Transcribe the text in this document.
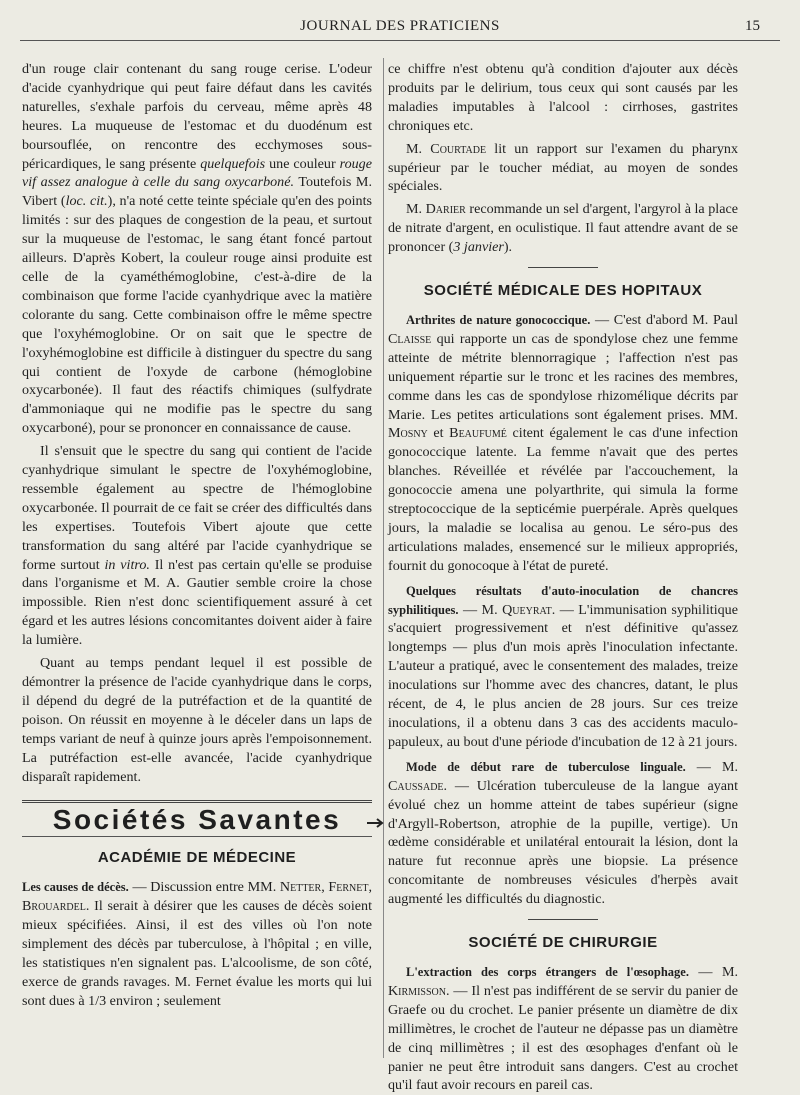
JOURNAL DES PRATICIENS	15

d'un rouge clair contenant du sang rouge cerise. L'odeur d'acide cyanhydrique qui peut faire défaut dans les cavités naturelles, s'exhale parfois du cerveau, même après 48 heures. La muqueuse de l'estomac et du duodénum est boursouflée, on rencontre des ecchymoses sous-péricardiques, le sang présente quelquefois une couleur rouge vif assez analogue à celle du sang oxycarboné. Toutefois M. Vibert (loc. cit.), n'a noté cette teinte spéciale qu'en des points limités : sur des plaques de congestion de la peau, et surtout sur la muqueuse de l'estomac, le sang étant foncé partout ailleurs. D'après Kobert, la couleur rouge ainsi produite est celle de la cyaméthémoglobine, c'est-à-dire de la combinaison que forme l'acide cyanhydrique avec la matière colorante du sang. Cette combinaison offre le même spectre que l'oxyhémoglobine. Or on sait que le spectre de l'oxyhémoglobine est difficile à distinguer du spectre du sang qui contient de l'oxyde de carbone (hémoglobine oxycarbonée). Il faut des réactifs chimiques (sulfydrate d'ammoniaque qui ne modifie pas le spectre du sang oxycarboné), pour se prononcer en connaissance de cause.

Il s'ensuit que le spectre du sang qui contient de l'acide cyanhydrique simulant le spectre de l'oxyhémoglobine, ressemble également au spectre de l'hémoglobine oxycarbonée. Il pourrait de ce fait se créer des difficultés dans les expertises. Toutefois Vibert ajoute que cette transformation du sang altéré par l'acide cyanhydrique se forme surtout in vitro. Il n'est pas certain qu'elle se produise dans l'organisme et M. A. Gautier semble croire la chose impossible. Rien n'est donc scientifiquement assuré à cet égard et les autres lésions concomitantes doivent aider à faire la lumière.

Quant au temps pendant lequel il est possible de démontrer la présence de l'acide cyanhydrique dans le corps, il dépend du degré de la putréfaction et de la quantité de poison. On réussit en moyenne à le déceler dans un laps de temps variant de neuf à quinze jours après l'empoisonnement. La putréfaction est-elle avancée, l'acide cyanhydrique disparaît rapidement.

Sociétés Savantes
ACADÉMIE DE MÉDECINE

Les causes de décès. — Discussion entre MM. Netter, Fernet, Brouardel. Il serait à désirer que les causes de décès soient mieux spécifiées. Ainsi, il est des villes où l'on note simplement des décès par tuberculose, à l'hôpital ; en ville, les statistiques n'en signalent pas. L'alcoolisme, de son côté, exerce de grands ravages. M. Fernet évalue les morts qui lui sont dues à 1/3 environ ; seulement

ce chiffre n'est obtenu qu'à condition d'ajouter aux décès produits par le delirium, tous ceux qui sont causés par les maladies imputables à l'alcool : cirrhoses, gastrites chroniques etc.

M. Courtade lit un rapport sur l'examen du pharynx supérieur par le toucher médiat, au moyen de sondes spéciales.

M. Darier recommande un sel d'argent, l'argyrol à la place de nitrate d'argent, en oculistique. Il faut attendre avant de se prononcer (3 janvier).

SOCIÉTÉ MÉDICALE DES HOPITAUX

Arthrites de nature gonococcique. — C'est d'abord M. Paul Claisse qui rapporte un cas de spondylose chez une femme atteinte de métrite blennorragique ; l'affection n'est pas uniquement répartie sur le tronc et les racines des membres, comme dans les cas de spondylose rhizomélique décrits par Marie. Les petites articulations sont également prises. MM. Mosny et Beaufumé citent également le cas d'une infection gonococcique latente. La femme n'avait que des pertes blanches. Réveillée et révélée par l'accouchement, la gonococcie amena une polyarthrite, qui simula la forme streptococcique de la septicémie puerpérale. Après quelques jours, la maladie se localisa au genou. Le séro-pus des articulations malades, ensemencé sur le milieux appropriés, fournit du gonocoque à l'état de pureté.

Quelques résultats d'auto-inoculation de chancres syphilitiques. — M. Queyrat. — L'immunisation syphilitique s'acquiert progressivement et n'est définitive qu'assez longtemps — plus d'un mois après l'inoculation infectante. L'auteur a pratiqué, avec le consentement des malades, treize inoculations sur l'homme avec des chancres, datant, le plus récent, de 4, le plus ancien de 28 jours. Sur ces treize inoculations, il a obtenu dans 3 cas des accidents maculo-papuleux, au bout d'une période d'incubation de 12 à 21 jours.

Mode de début rare de tuberculose linguale. — M. Caussade. — Ulcération tuberculeuse de la langue ayant évolué chez un homme atteint de tabes supérieur (signe d'Argyll-Robertson, atrophie de la pupille, vertige). Un œdème considérable et unilatéral entourait la lésion, dont la nature fut reconnue après une biopsie. La présence concomitante de nombreuses vésicules d'herpès avait augmenté les difficultés du diagnostic.

SOCIÉTÉ DE CHIRURGIE

L'extraction des corps étrangers de l'œsophage. — M. Kirmisson. — Il n'est pas indifférent de se servir du panier de Graefe ou du crochet. Le panier présente un diamètre de dix millimètres, le crochet de l'auteur ne dépasse pas un diamètre de cinq millimètres ; il est des œsophages d'enfant où le panier ne peut être introduit sans dangers. C'est au crochet qu'il faut avoir recours en pareil cas.
